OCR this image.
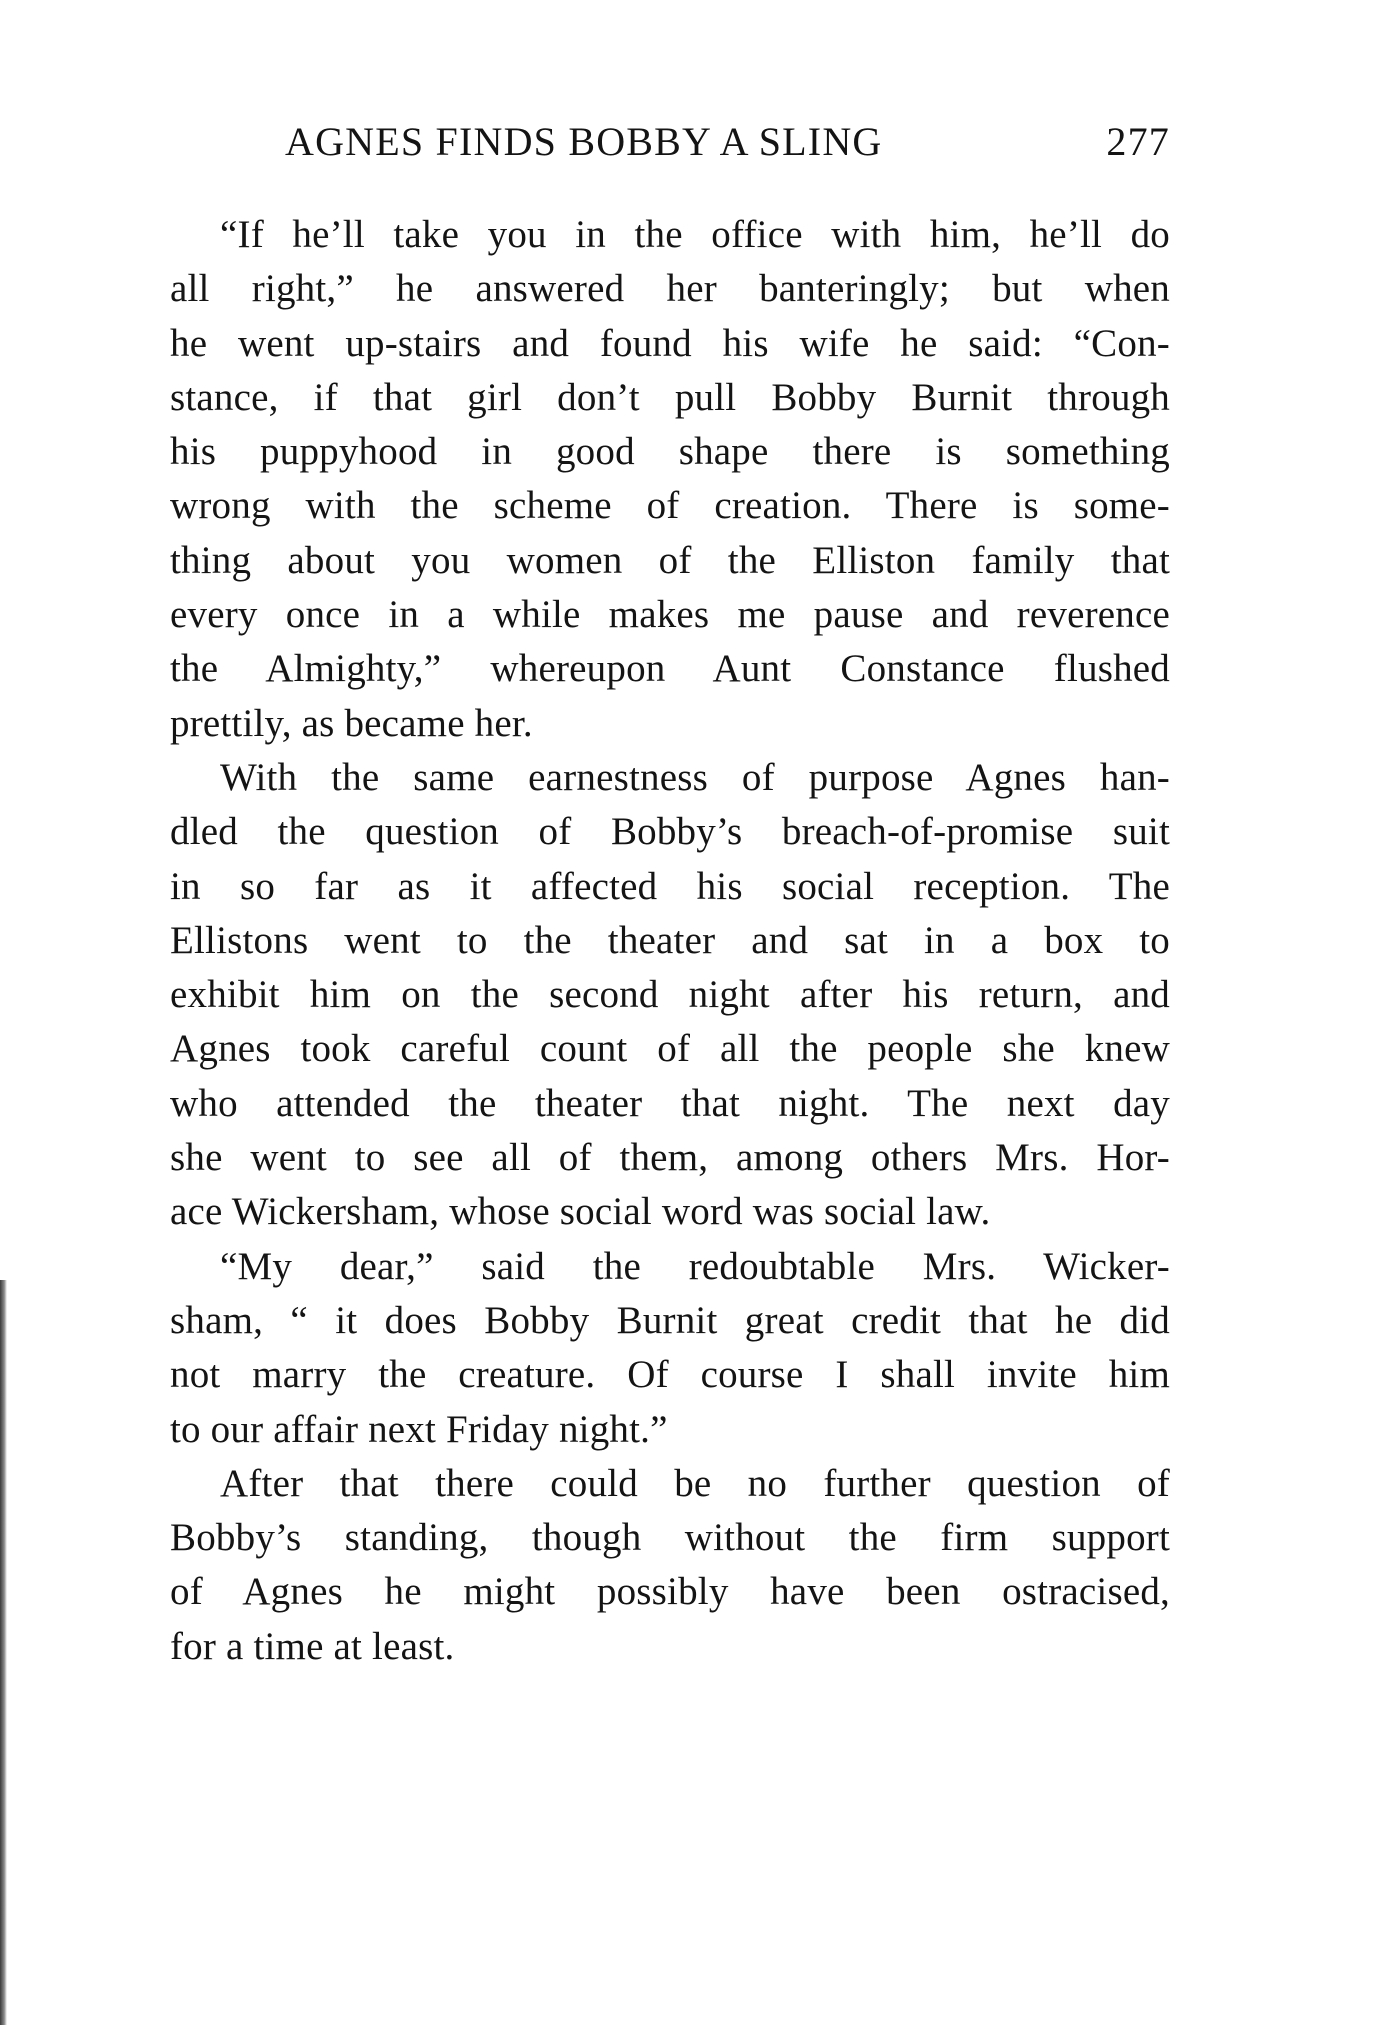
AGNES FINDS BOBBY A SLING	277
“If he’ll take you in the office with him, he’ll do
all right,” he answered her banteringly; but when
he went up-stairs and found his wife he said: “Con-
stance, if that girl don’t pull Bobby Burnit through
his puppyhood in good shape there is something
wrong with the scheme of creation. There is some-
thing about you women of the Elliston family that
every once in a while makes me pause and reverence
the Almighty,” whereupon Aunt Constance flushed
prettily, as became her.
With the same earnestness of purpose Agnes han-
dled the question of Bobby’s breach-of-promise suit
in so far as it affected his social reception. The
Ellistons went to the theater and sat in a box to
exhibit him on the second night after his return, and
Agnes took careful count of all the people she knew
who attended the theater that night. The next day
she went to see all of them, among others Mrs. Hor-
ace Wickersham, whose social word was social law.
“My dear,” said the redoubtable Mrs. Wicker-
sham, “ it does Bobby Burnit great credit that he did
not marry the creature. Of course I shall invite him
to our affair next Friday night.”
After that there could be no further question of
Bobby’s standing, though without the firm support
of Agnes he might possibly have been ostracised,
for a time at least.
